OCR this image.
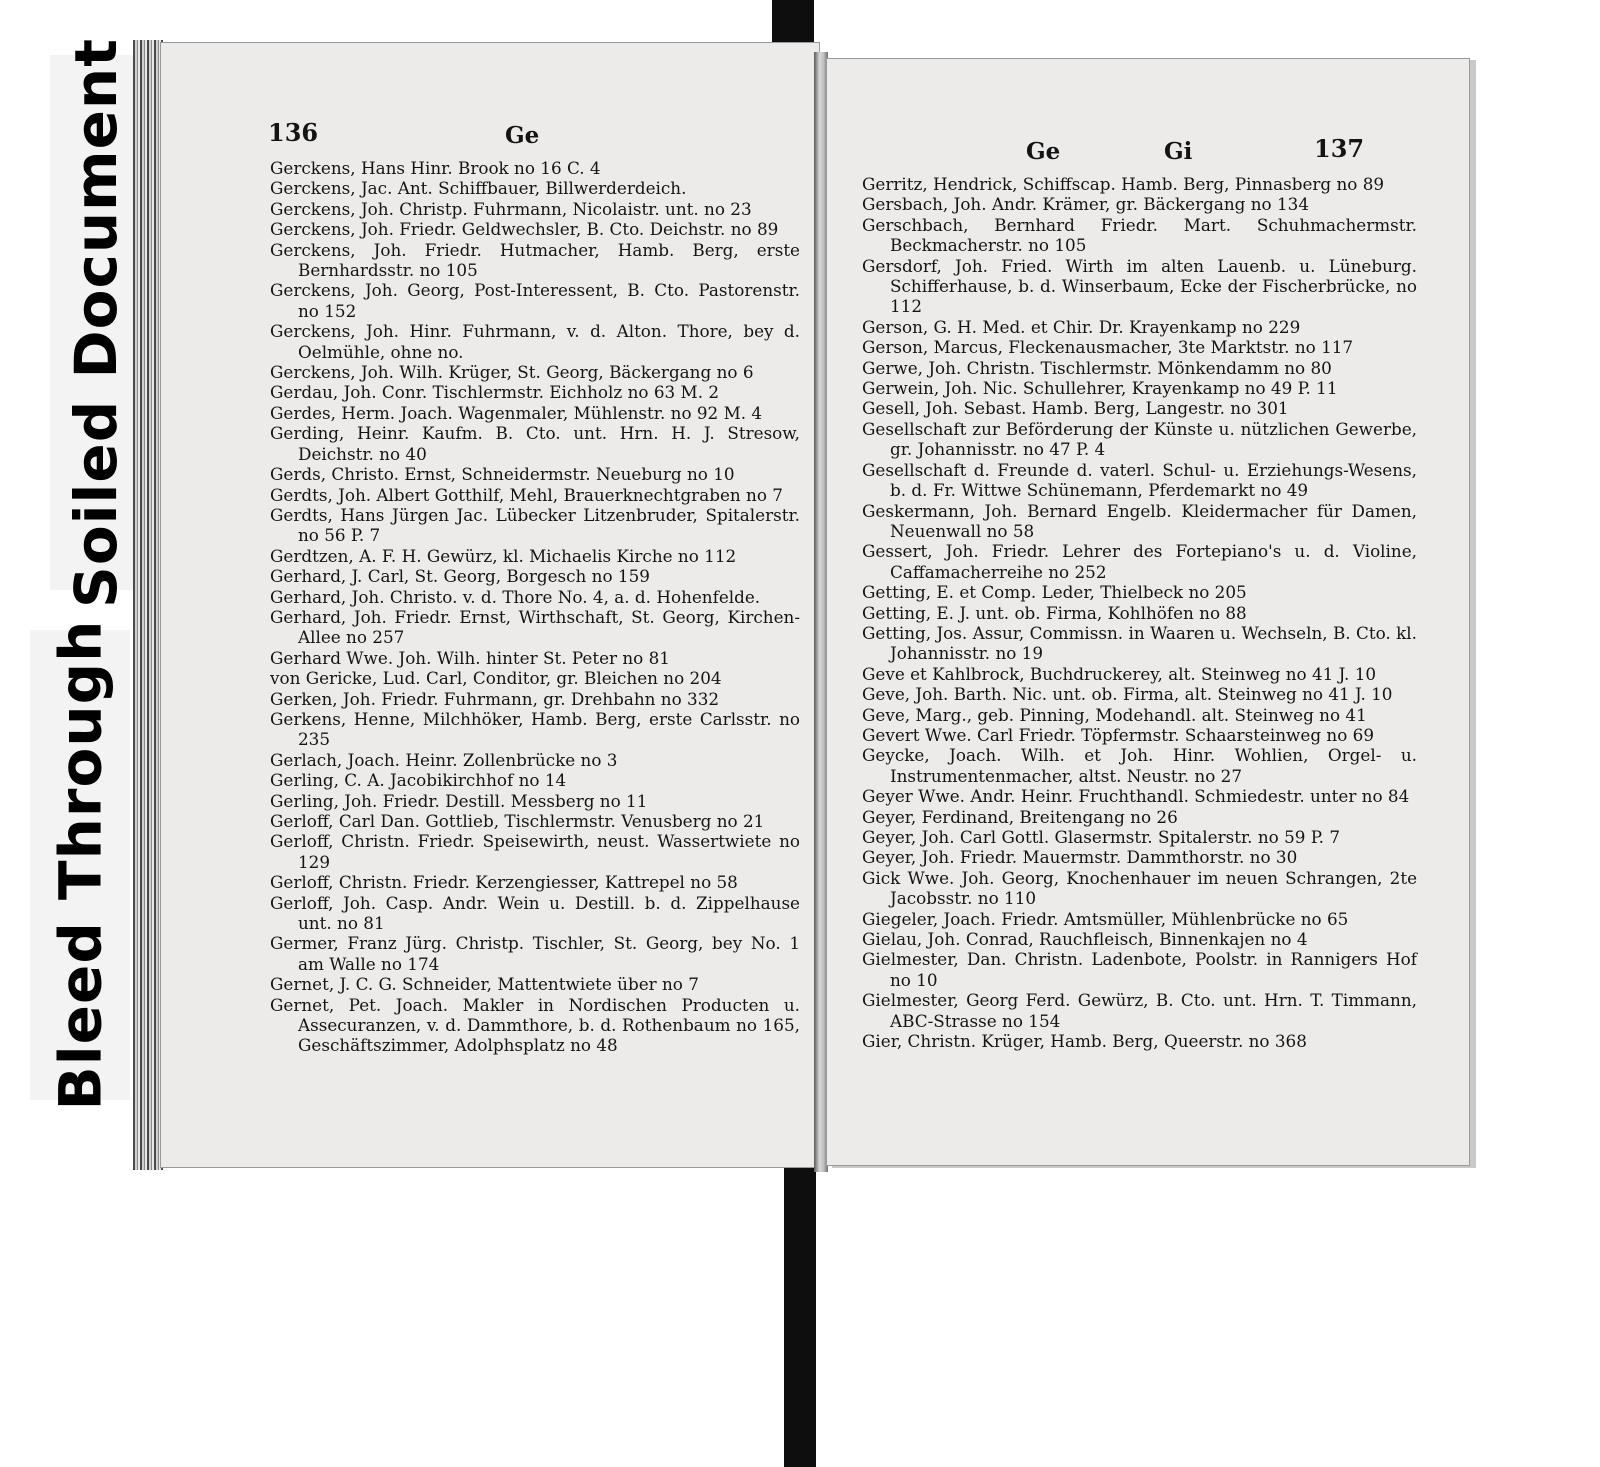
Soiled Document
Bleed Through
136	Ge
Gerckens, Hans Hinr. Brook no 16 C. 4
Gerckens, Jac. Ant. Schiffbauer, Billwerderdeich.
Gerckens, Joh. Christp. Fuhrmann, Nicolaistr. unt. no 23
Gerckens, Joh. Friedr. Geldwechsler, B. Cto. Deichstr. no 89
Gerckens, Joh. Friedr. Hutmacher, Hamb. Berg, erste Bernhardsstr. no 105
Gerckens, Joh. Georg, Post-Interessent, B. Cto. Pastorenstr. no 152
Gerckens, Joh. Hinr. Fuhrmann, v. d. Alton. Thore, bey d. Oelmühle, ohne no.
Gerckens, Joh. Wilh. Krüger, St. Georg, Bäckergang no 6
Gerdau, Joh. Conr. Tischlermstr. Eichholz no 63 M. 2
Gerdes, Herm. Joach. Wagenmaler, Mühlenstr. no 92 M. 4
Gerding, Heinr. Kaufm. B. Cto. unt. Hrn. H. J. Stresow, Deichstr. no 40
Gerds, Christo. Ernst, Schneidermstr. Neueburg no 10
Gerdts, Joh. Albert Gotthilf, Mehl, Brauerknechtgraben no 7
Gerdts, Hans Jürgen Jac. Lübecker Litzenbruder, Spitalerstr. no 56 P. 7
Gerdtzen, A. F. H. Gewürz, kl. Michaelis Kirche no 112
Gerhard, J. Carl, St. Georg, Borgesch no 159
Gerhard, Joh. Christo. v. d. Thore No. 4, a. d. Hohenfelde.
Gerhard, Joh. Friedr. Ernst, Wirthschaft, St. Georg, Kirchen-Allee no 257
Gerhard Wwe. Joh. Wilh. hinter St. Peter no 81
von Gericke, Lud. Carl, Conditor, gr. Bleichen no 204
Gerken, Joh. Friedr. Fuhrmann, gr. Drehbahn no 332
Gerkens, Henne, Milchhöker, Hamb. Berg, erste Carlsstr. no 235
Gerlach, Joach. Heinr. Zollenbrücke no 3
Gerling, C. A. Jacobikirchhof no 14
Gerling, Joh. Friedr. Destill. Messberg no 11
Gerloff, Carl Dan. Gottlieb, Tischlermstr. Venusberg no 21
Gerloff, Christn. Friedr. Speisewirth, neust. Wassertwiete no 129
Gerloff, Christn. Friedr. Kerzengiesser, Kattrepel no 58
Gerloff, Joh. Casp. Andr. Wein u. Destill. b. d. Zippelhause unt. no 81
Germer, Franz Jürg. Christp. Tischler, St. Georg, bey No. 1 am Walle no 174
Gernet, J. C. G. Schneider, Mattentwiete über no 7
Gernet, Pet. Joach. Makler in Nordischen Producten u. Assecuranzen, v. d. Dammthore, b. d. Rothenbaum no 165, Geschäftszimmer, Adolphsplatz no 48
Ge	Gi	137
Gerritz, Hendrick, Schiffscap. Hamb. Berg, Pinnasberg no 89
Gersbach, Joh. Andr. Krämer, gr. Bäckergang no 134
Gerschbach, Bernhard Friedr. Mart. Schuhmachermstr. Beckmacherstr. no 105
Gersdorf, Joh. Fried. Wirth im alten Lauenb. u. Lüneburg. Schifferhause, b. d. Winserbaum, Ecke der Fischerbrücke, no 112
Gerson, G. H. Med. et Chir. Dr. Krayenkamp no 229
Gerson, Marcus, Fleckenausmacher, 3te Marktstr. no 117
Gerwe, Joh. Christn. Tischlermstr. Mönkendamm no 80
Gerwein, Joh. Nic. Schullehrer, Krayenkamp no 49 P. 11
Gesell, Joh. Sebast. Hamb. Berg, Langestr. no 301
Gesellschaft zur Beförderung der Künste u. nützlichen Gewerbe, gr. Johannisstr. no 47 P. 4
Gesellschaft d. Freunde d. vaterl. Schul- u. Erziehungs-Wesens, b. d. Fr. Wittwe Schünemann, Pferdemarkt no 49
Geskermann, Joh. Bernard Engelb. Kleidermacher für Damen, Neuenwall no 58
Gessert, Joh. Friedr. Lehrer des Fortepiano's u. d. Violine, Caffamacherreihe no 252
Getting, E. et Comp. Leder, Thielbeck no 205
Getting, E. J. unt. ob. Firma, Kohlhöfen no 88
Getting, Jos. Assur, Commissn. in Waaren u. Wechseln, B. Cto. kl. Johannisstr. no 19
Geve et Kahlbrock, Buchdruckerey, alt. Steinweg no 41 J. 10
Geve, Joh. Barth. Nic. unt. ob. Firma, alt. Steinweg no 41 J. 10
Geve, Marg., geb. Pinning, Modehandl. alt. Steinweg no 41
Gevert Wwe. Carl Friedr. Töpfermstr. Schaarsteinweg no 69
Geycke, Joach. Wilh. et Joh. Hinr. Wohlien, Orgel- u. Instrumentenmacher, altst. Neustr. no 27
Geyer Wwe. Andr. Heinr. Fruchthandl. Schmiedestr. unter no 84
Geyer, Ferdinand, Breitengang no 26
Geyer, Joh. Carl Gottl. Glasermstr. Spitalerstr. no 59 P. 7
Geyer, Joh. Friedr. Mauermstr. Dammthorstr. no 30
Gick Wwe. Joh. Georg, Knochenhauer im neuen Schrangen, 2te Jacobsstr. no 110
Giegeler, Joach. Friedr. Amtsmüller, Mühlenbrücke no 65
Gielau, Joh. Conrad, Rauchfleisch, Binnenkajen no 4
Gielmester, Dan. Christn. Ladenbote, Poolstr. in Rannigers Hof no 10
Gielmester, Georg Ferd. Gewürz, B. Cto. unt. Hrn. T. Timmann, ABC-Strasse no 154
Gier, Christn. Krüger, Hamb. Berg, Queerstr. no 368
